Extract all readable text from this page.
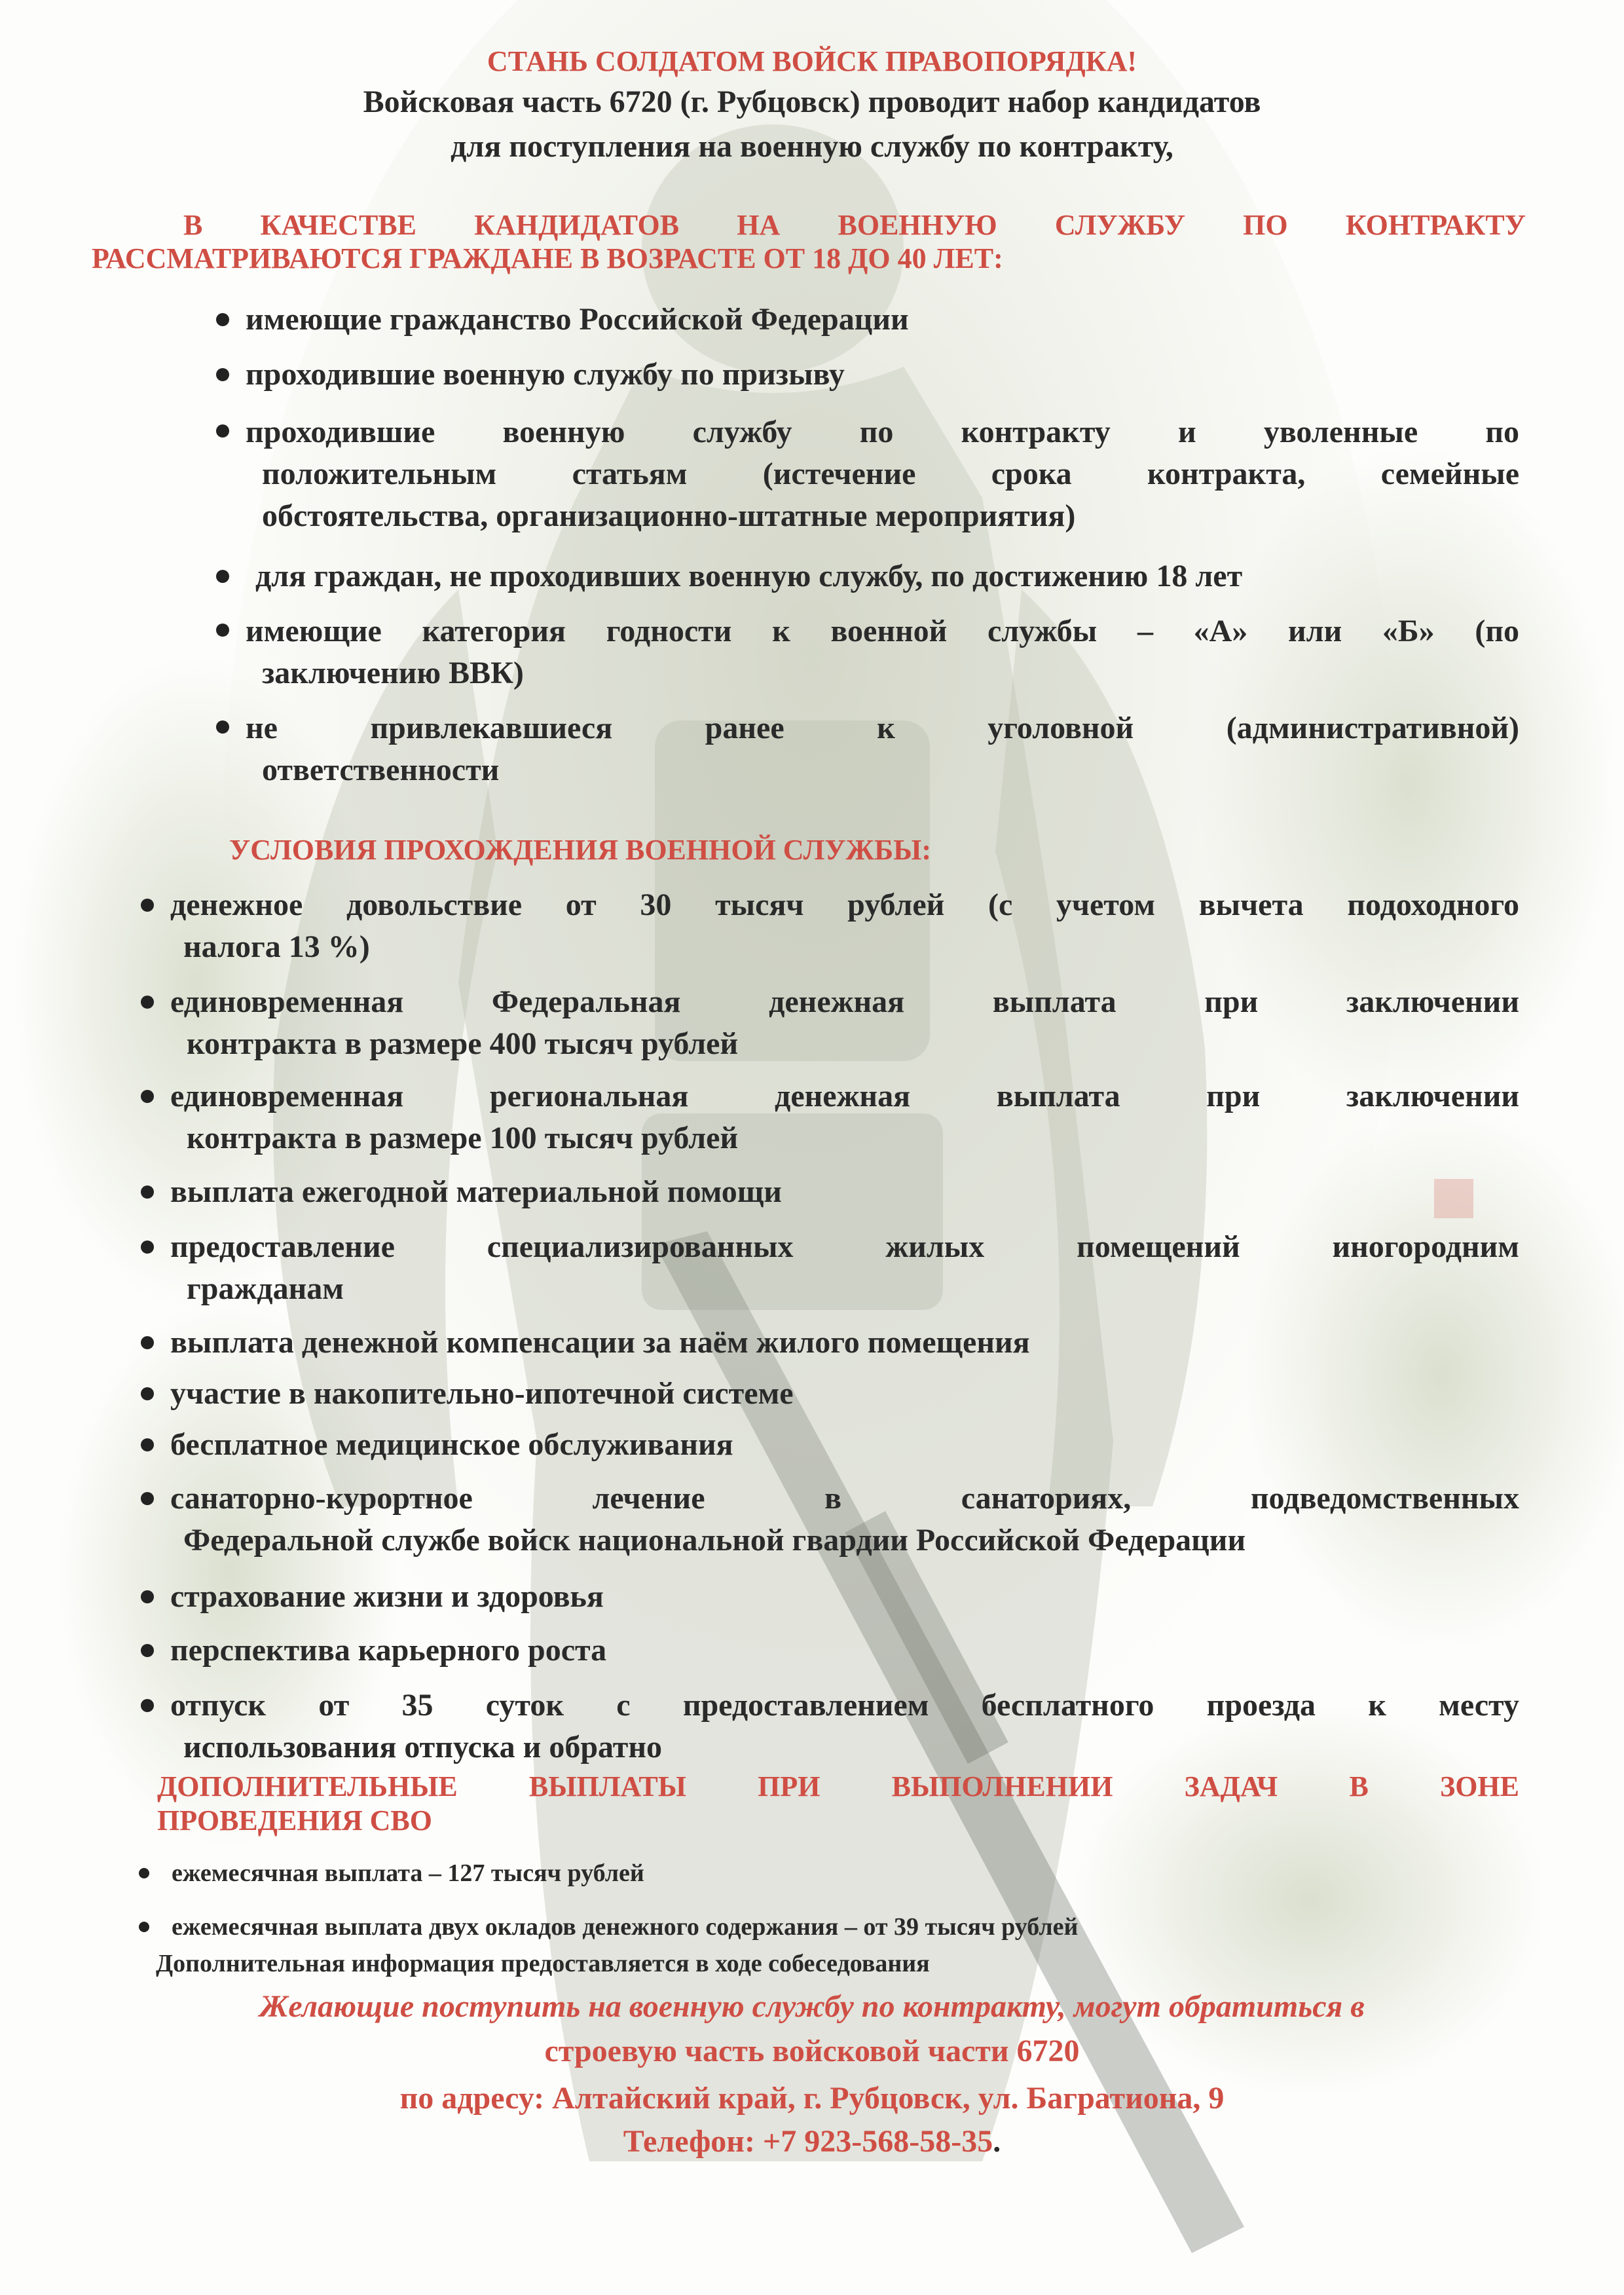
СТАНЬ СОЛДАТОМ ВОЙСК ПРАВОПОРЯДКА!

Войсковая часть 6720 (г. Рубцовск) проводит набор кандидатов

для поступления на военную службу по контракту,

В КАЧЕСТВЕ КАНДИДАТОВ НА ВОЕННУЮ СЛУЖБУ ПО КОНТРАКТУ
РАССМАТРИВАЮТСЯ ГРАЖДАНЕ В ВОЗРАСТЕ ОТ 18 ДО 40 ЛЕТ:
имеющие гражданство Российской Федерации
проходившие военную службу по призыву
проходившие военную службу по контракту и уволенные по
положительным статьям (истечение срока контракта, семейные
обстоятельства, организационно-штатные мероприятия)
для граждан, не проходивших военную службу, по достижению 18 лет
имеющие категория годности к военной службы – «А» или «Б» (по
заключению ВВК)
не привлекавшиеся ранее к уголовной (административной)
ответственности

УСЛОВИЯ ПРОХОЖДЕНИЯ ВОЕННОЙ СЛУЖБЫ:

денежное довольствие от 30 тысяч рублей (с учетом вычета подоходного
налога 13 %)
единовременная Федеральная денежная выплата при заключении
контракта в размере 400 тысяч рублей
единовременная региональная денежная выплата при заключении
контракта в размере 100 тысяч рублей
выплата ежегодной материальной помощи
предоставление специализированных жилых помещений иногородним
гражданам
выплата денежной компенсации за наём жилого помещения
участие в накопительно-ипотечной системе
бесплатное медицинское обслуживания
санаторно-курортное лечение в санаториях, подведомственных
Федеральной службе войск национальной гвардии Российской Федерации
страхование жизни и здоровья
перспектива карьерного роста
отпуск от 35 суток с предоставлением бесплатного проезда к месту
использования отпуска и обратно
ДОПОЛНИТЕЛЬНЫЕ ВЫПЛАТЫ ПРИ ВЫПОЛНЕНИИ ЗАДАЧ В ЗОНЕ
ПРОВЕДЕНИЯ СВО

ежемесячная выплата – 127 тысяч рублей

ежемесячная выплата двух окладов денежного содержания – от 39 тысяч рублей

Дополнительная информация предоставляется в ходе собеседования

Желающие поступить на военную службу по контракту, могут обратиться в

строевую часть войсковой части 6720

по адресу: Алтайский край, г. Рубцовск, ул. Багратиона, 9

Телефон: +7 923-568-58-35.
